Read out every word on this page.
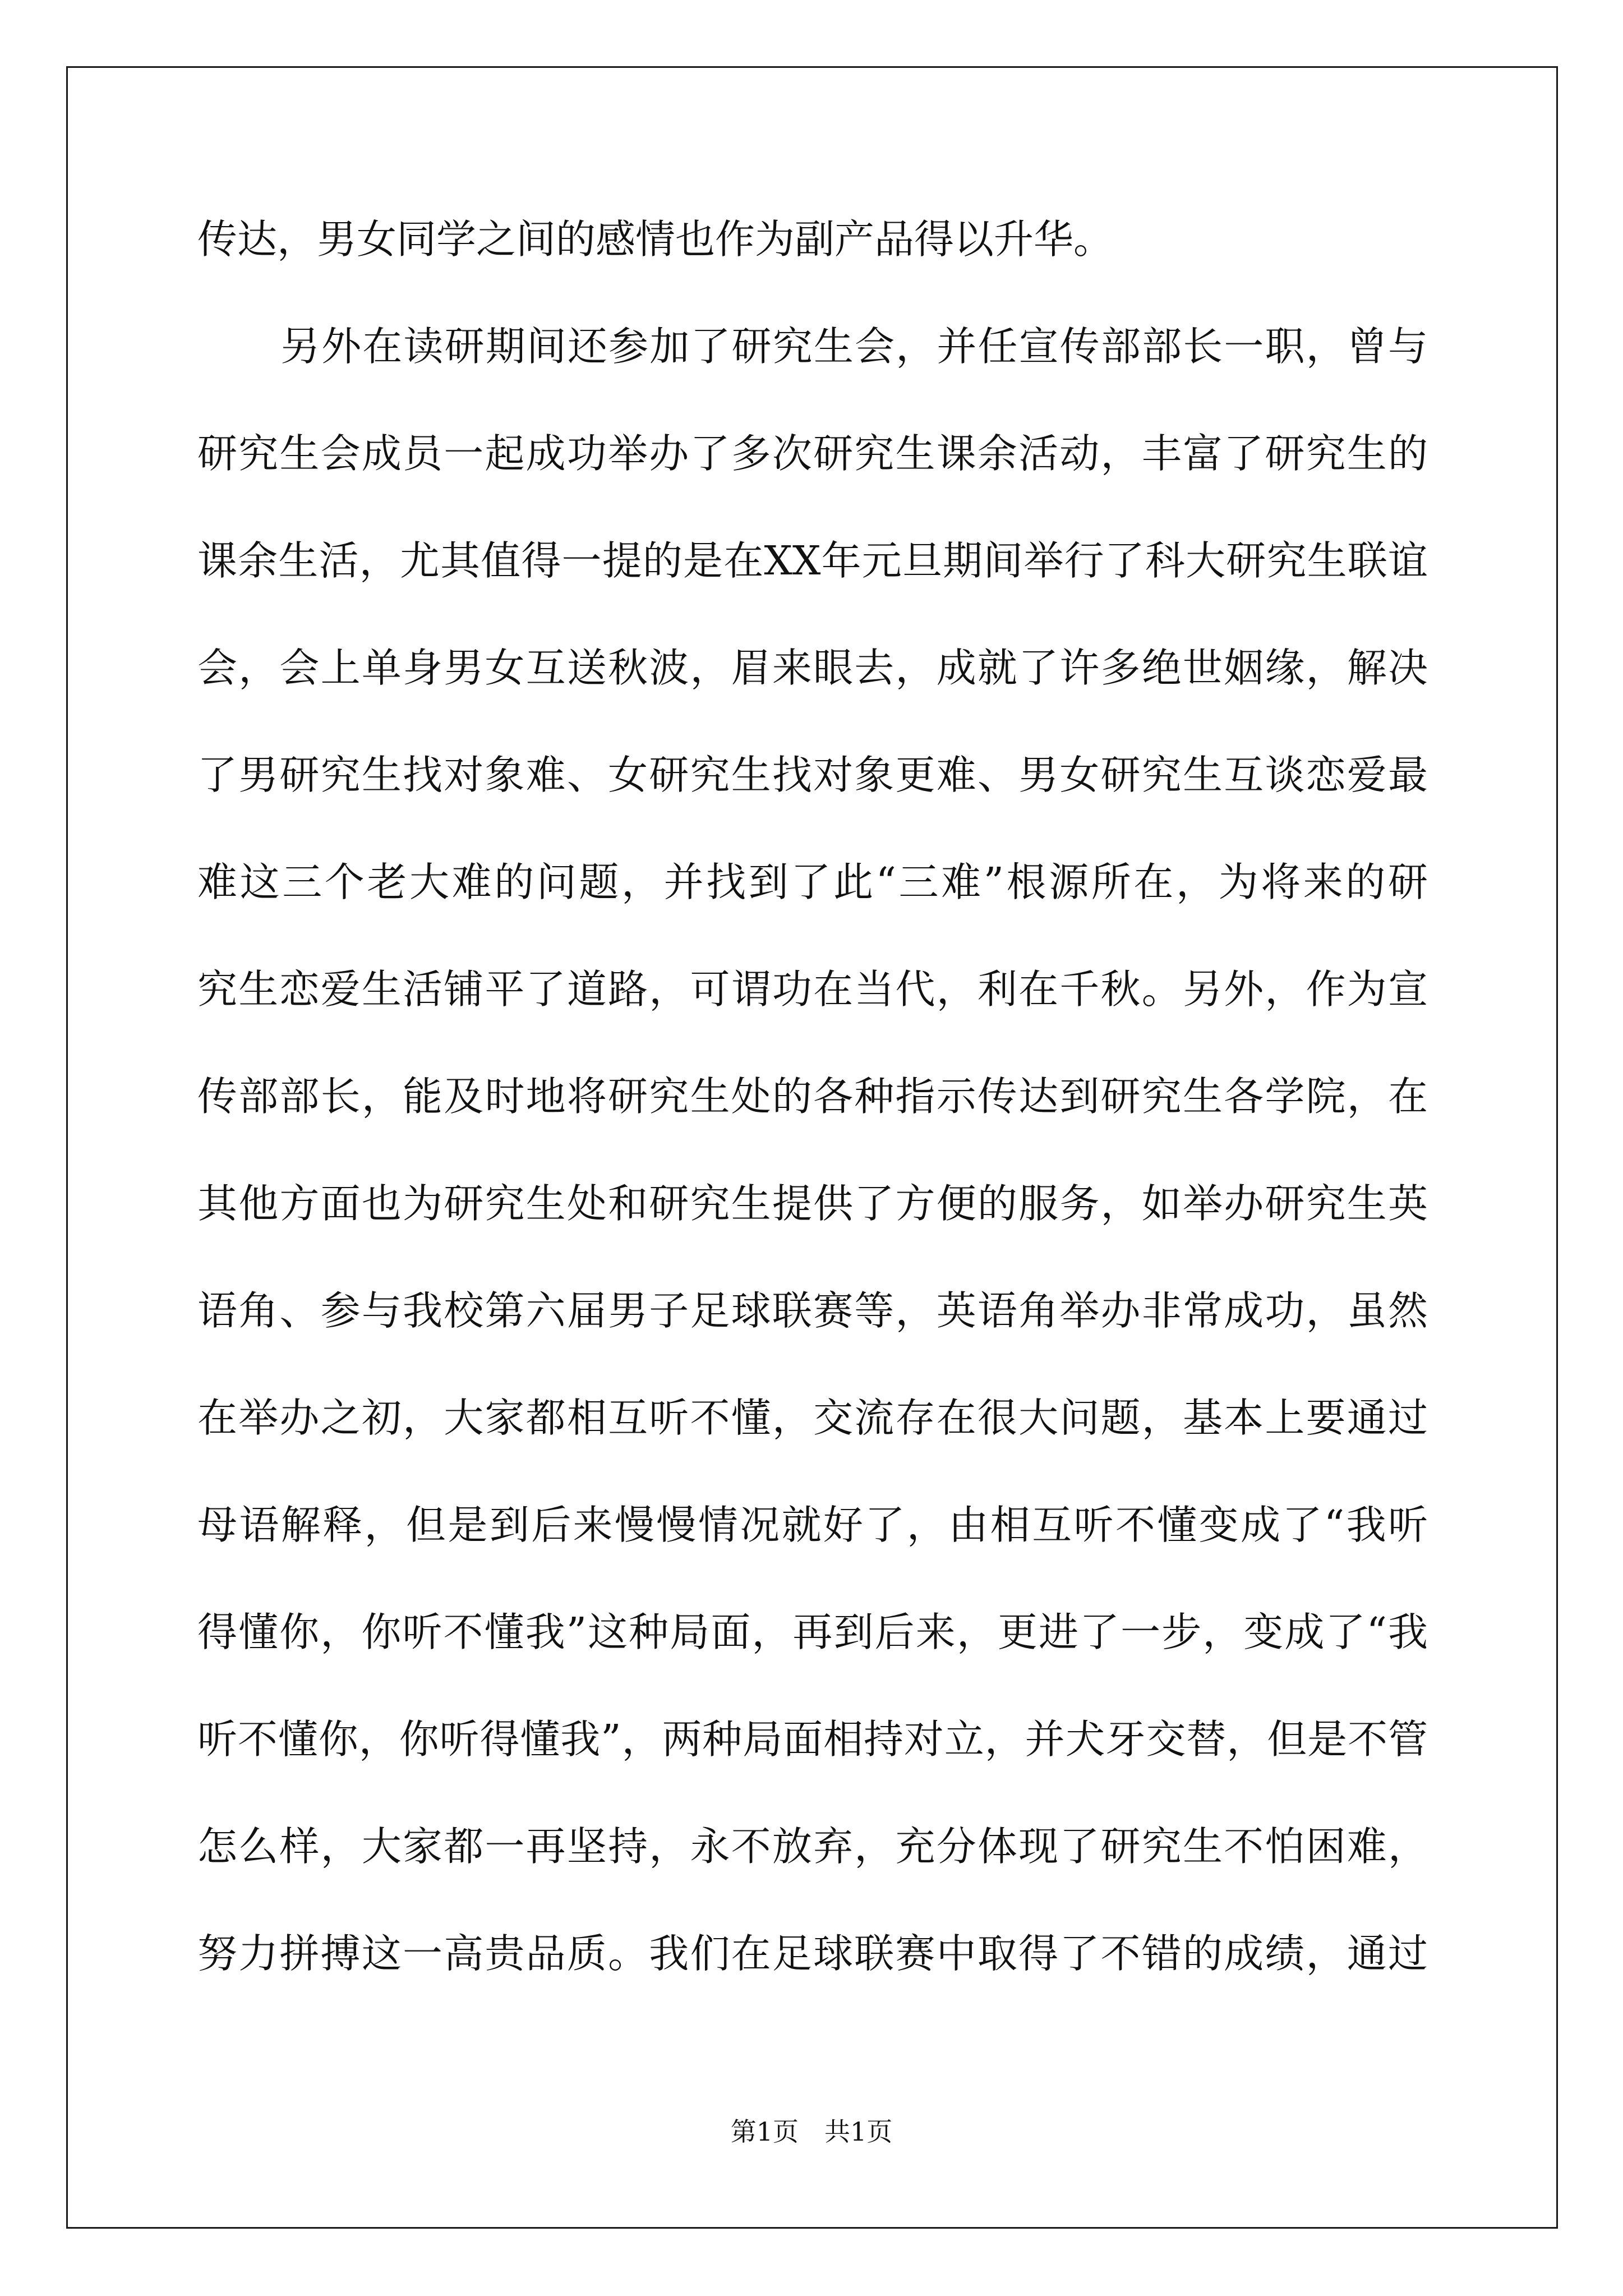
传达，男女同学之间的感情也作为副产品得以升华。
另外在读研期间还参加了研究生会，并任宣传部部长一职，曾与
研究生会成员一起成功举办了多次研究生课余活动，丰富了研究生的
课余生活，尤其值得一提的是在XX年元旦期间举行了科大研究生联谊
会，会上单身男女互送秋波，眉来眼去，成就了许多绝世姻缘，解决
了男研究生找对象难、女研究生找对象更难、男女研究生互谈恋爱最
难这三个老大难的问题，并找到了此“三难”根源所在，为将来的研
究生恋爱生活铺平了道路，可谓功在当代，利在千秋。另外，作为宣
传部部长，能及时地将研究生处的各种指示传达到研究生各学院，在
其他方面也为研究生处和研究生提供了方便的服务，如举办研究生英
语角、参与我校第六届男子足球联赛等，英语角举办非常成功，虽然
在举办之初，大家都相互听不懂，交流存在很大问题，基本上要通过
母语解释，但是到后来慢慢情况就好了，由相互听不懂变成了“我听
得懂你，你听不懂我”这种局面，再到后来，更进了一步，变成了“我
听不懂你，你听得懂我”，两种局面相持对立，并犬牙交替，但是不管
怎么样，大家都一再坚持，永不放弃，充分体现了研究生不怕困难，
努力拼搏这一高贵品质。我们在足球联赛中取得了不错的成绩，通过
第1页　共1页
